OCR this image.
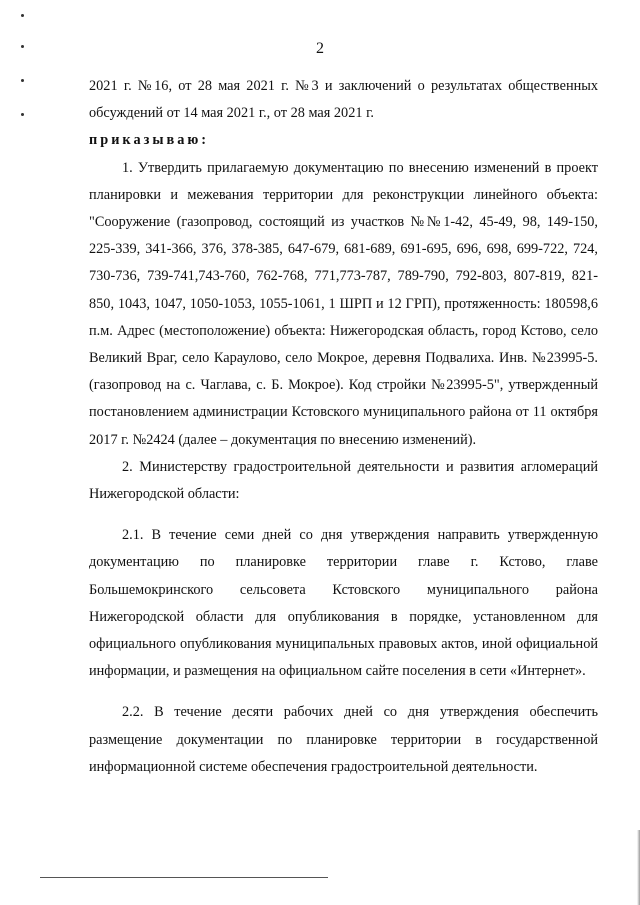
2

2021 г. №16, от 28 мая 2021 г. №3 и заключений о результатах общественных обсуждений от 14 мая 2021 г., от 28 мая 2021 г.

приказываю:

1. Утвердить прилагаемую документацию по внесению изменений в проект планировки и межевания территории для реконструкции линейного объекта: "Сооружение (газопровод, состоящий из участков №№1-42, 45-49, 98, 149-150, 225-339, 341-366, 376, 378-385, 647-679, 681-689, 691-695, 696, 698, 699-722, 724, 730-736, 739-741,743-760, 762-768, 771,773-787, 789-790, 792-803, 807-819, 821-850, 1043, 1047, 1050-1053, 1055-1061, 1 ШРП и 12 ГРП), протяженность: 180598,6 п.м. Адрес (местоположение) объекта: Нижегородская область, город Кстово, село Великий Враг, село Караулово, село Мокрое, деревня Подвалиха. Инв. №23995-5. (газопровод на с. Чаглава, с. Б. Мокрое). Код стройки №23995-5", утвержденный постановлением администрации Кстовского муниципального района от 11 октября 2017 г. №2424 (далее – документация по внесению изменений).

2. Министерству градостроительной деятельности и развития агломераций Нижегородской области:

2.1. В течение семи дней со дня утверждения направить утвержденную документацию по планировке территории главе г. Кстово, главе Большемокринского сельсовета Кстовского муниципального района Нижегородской области для опубликования в порядке, установленном для официального опубликования муниципальных правовых актов, иной официальной информации, и размещения на официальном сайте поселения в сети «Интернет».

2.2. В течение десяти рабочих дней со дня утверждения обеспечить размещение документации по планировке территории в государственной информационной системе обеспечения градостроительной деятельности.
